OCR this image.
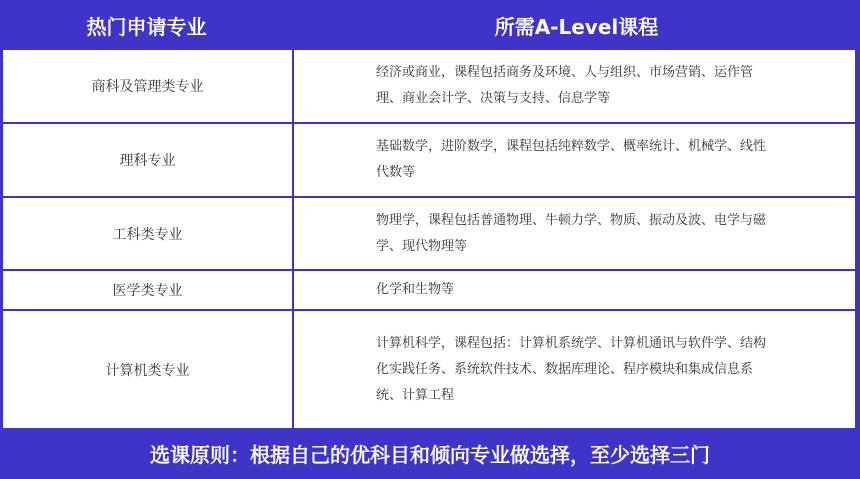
热门申请专业	所需A-Level课程
商科及管理类专业
经济或商业，课程包括商务及环境、人与组织、市场营销、运作管理、商业会计学、决策与支持、信息学等
理科专业
基础数学，进阶数学，课程包括纯粹数学、概率统计、机械学、线性代数等
工科类专业
物理学，课程包括普通物理、牛顿力学、物质、振动及波、电学与磁学、现代物理等
医学类专业	化学和生物等
计算机类专业
计算机科学，课程包括：计算机系统学、计算机通讯与软件学、结构化实践任务、系统软件技术、数据库理论、程序模块和集成信息系统、计算工程
选课原则：根据自己的优科目和倾向专业做选择，至少选择三门
